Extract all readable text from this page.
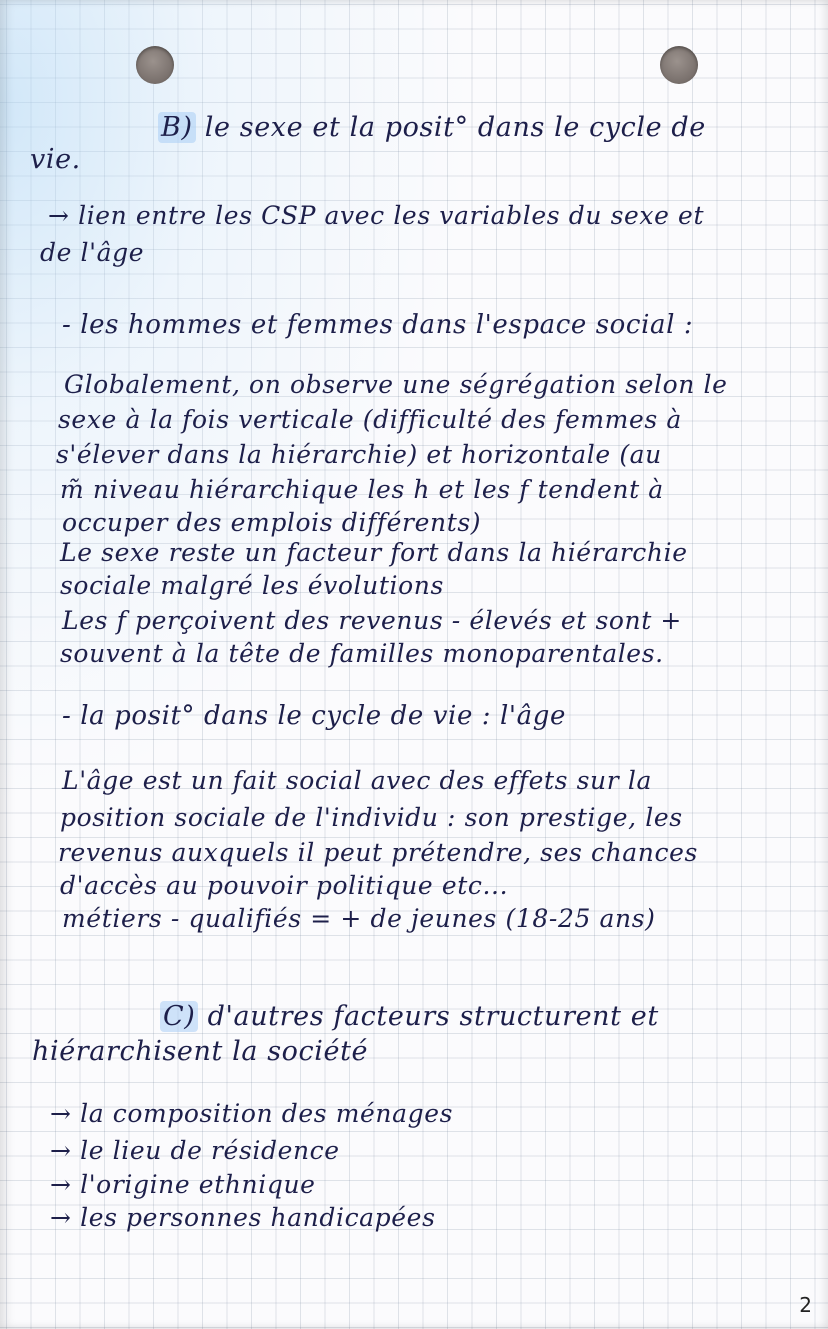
B) le sexe et la posit° dans le cycle de
vie.
→ lien entre les CSP avec les variables du sexe et
de l'âge
- les hommes et femmes dans l'espace social :
Globalement, on observe une ségrégation selon le
sexe à la fois verticale (difficulté des femmes à
s'élever dans la hiérarchie) et horizontale (au
m̃ niveau hiérarchique les h et les f tendent à
occuper des emplois différents)
Le sexe reste un facteur fort dans la hiérarchie
sociale malgré les évolutions
Les f perçoivent des revenus - élevés et sont +
souvent à la tête de familles monoparentales.
- la posit° dans le cycle de vie : l'âge
L'âge est un fait social avec des effets sur la
position sociale de l'individu : son prestige, les
revenus auxquels il peut prétendre, ses chances
d'accès au pouvoir politique etc...
métiers - qualifiés = + de jeunes (18-25 ans)
C) d'autres facteurs structurent et
hiérarchisent la société
→ la composition des ménages
→ le lieu de résidence
→ l'origine ethnique
→ les personnes handicapées
2
